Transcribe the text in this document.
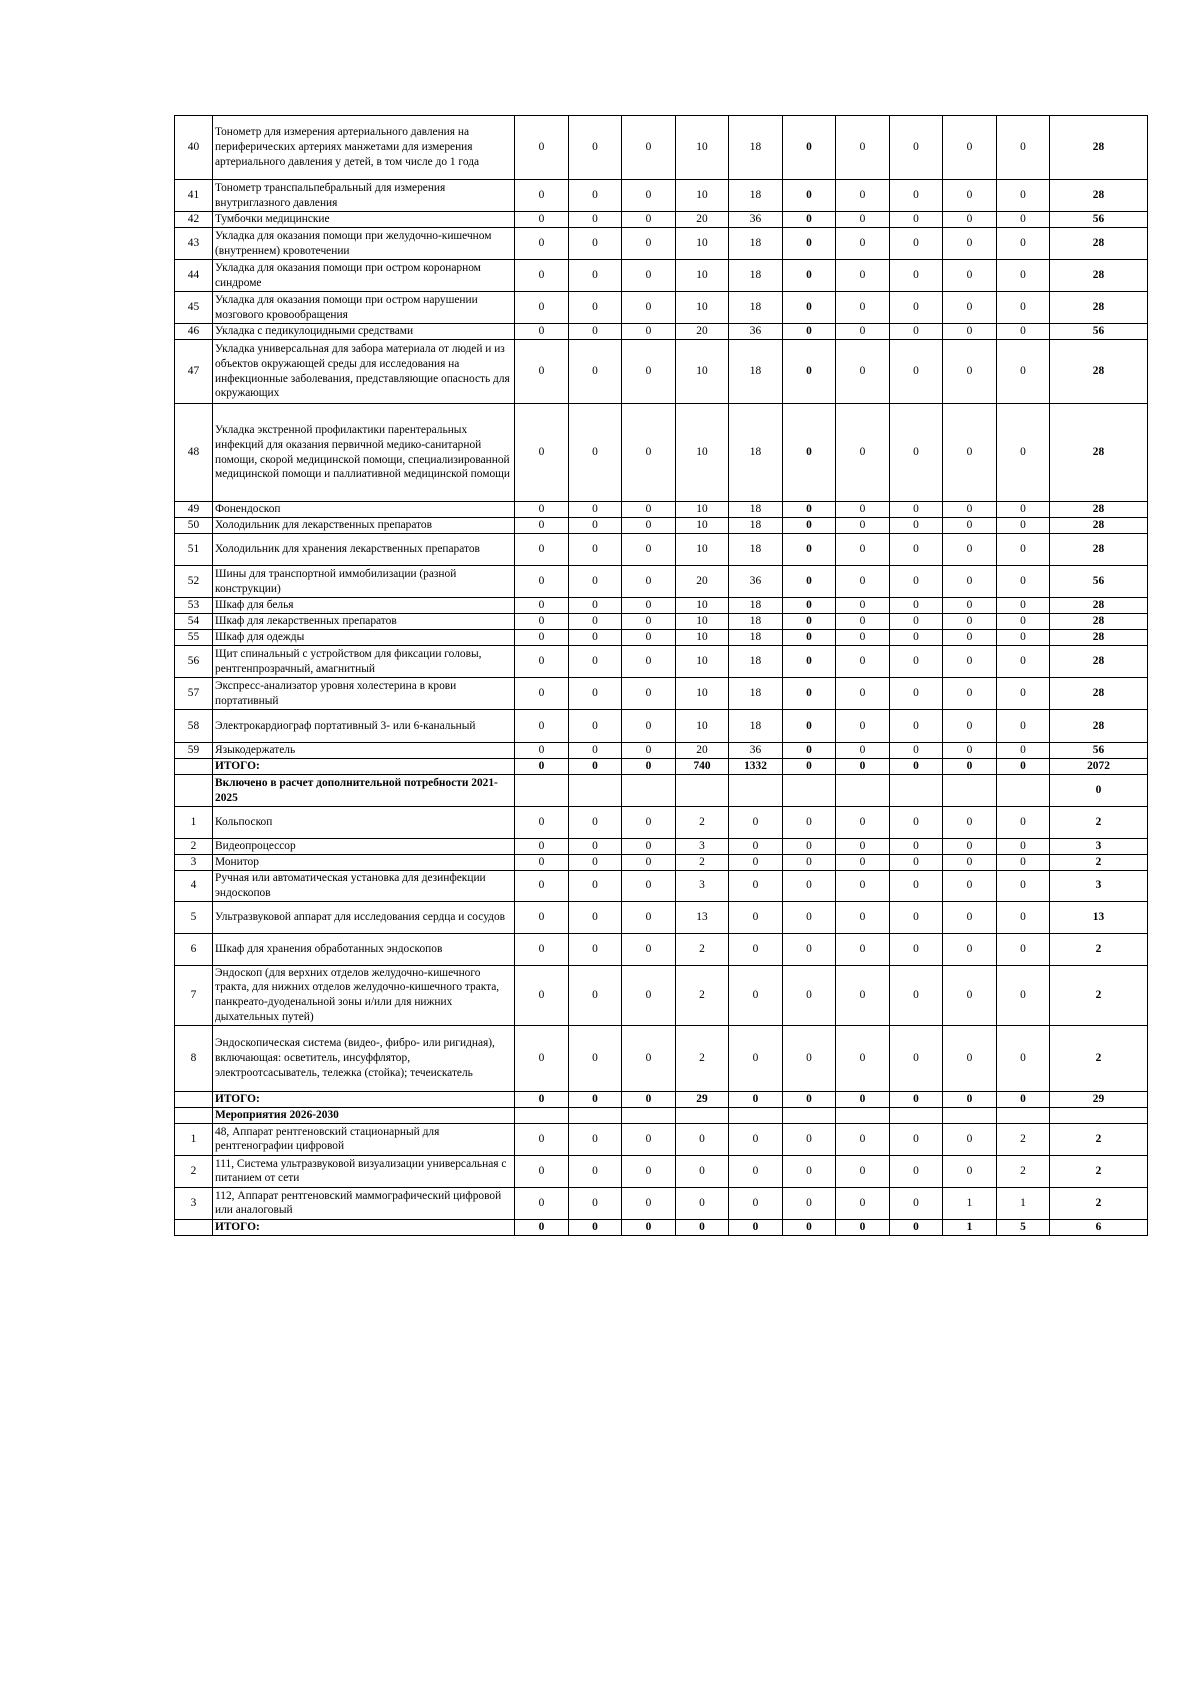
40	Тонометр для измерения артериального давления на периферических артериях манжетами для измерения артериального давления у детей, в том числе до 1 года	0	0	0	10	18	0	0	0	0	0	28
41	Тонометр транспальпебральный для измерения внутриглазного давления	0	0	0	10	18	0	0	0	0	0	28
42	Тумбочки медицинские	0	0	0	20	36	0	0	0	0	0	56
43	Укладка для оказания помощи при желудочно-кишечном (внутреннем) кровотечении	0	0	0	10	18	0	0	0	0	0	28
44	Укладка для оказания помощи при остром коронарном синдроме	0	0	0	10	18	0	0	0	0	0	28
45	Укладка для оказания помощи при остром нарушении мозгового кровообращения	0	0	0	10	18	0	0	0	0	0	28
46	Укладка с педикулоцидными средствами	0	0	0	20	36	0	0	0	0	0	56
47	Укладка универсальная для забора материала от людей и из объектов окружающей среды для исследования на инфекционные заболевания, представляющие опасность для окружающих	0	0	0	10	18	0	0	0	0	0	28
48	Укладка экстренной профилактики парентеральных инфекций для оказания первичной медико-санитарной помощи, скорой медицинской помощи, специализированной медицинской помощи и паллиативной медицинской помощи	0	0	0	10	18	0	0	0	0	0	28
49	Фонендоскоп	0	0	0	10	18	0	0	0	0	0	28
50	Холодильник для лекарственных препаратов	0	0	0	10	18	0	0	0	0	0	28
51	Холодильник для хранения лекарственных препаратов	0	0	0	10	18	0	0	0	0	0	28
52	Шины для транспортной иммобилизации (разной конструкции)	0	0	0	20	36	0	0	0	0	0	56
53	Шкаф для белья	0	0	0	10	18	0	0	0	0	0	28
54	Шкаф для лекарственных препаратов	0	0	0	10	18	0	0	0	0	0	28
55	Шкаф для одежды	0	0	0	10	18	0	0	0	0	0	28
56	Щит спинальный с устройством для фиксации головы, рентгенпрозрачный, амагнитный	0	0	0	10	18	0	0	0	0	0	28
57	Экспресс-анализатор уровня холестерина в крови портативный	0	0	0	10	18	0	0	0	0	0	28
58	Электрокардиограф портативный 3- или 6-канальный	0	0	0	10	18	0	0	0	0	0	28
59	Языкодержатель	0	0	0	20	36	0	0	0	0	0	56
	ИТОГО:	0	0	0	740	1332	0	0	0	0	0	2072
	Включено в расчет дополнительной потребности 2021-2025											0
1	Кольпоскоп	0	0	0	2	0	0	0	0	0	0	2
2	Видеопроцессор	0	0	0	3	0	0	0	0	0	0	3
3	Монитор	0	0	0	2	0	0	0	0	0	0	2
4	Ручная или автоматическая установка для дезинфекции эндоскопов	0	0	0	3	0	0	0	0	0	0	3
5	Ультразвуковой аппарат для исследования сердца и сосудов	0	0	0	13	0	0	0	0	0	0	13
6	Шкаф для хранения обработанных эндоскопов	0	0	0	2	0	0	0	0	0	0	2
7	Эндоскоп (для верхних отделов желудочно-кишечного тракта, для нижних отделов желудочно-кишечного тракта, панкреато-дуоденальной зоны и/или для нижних дыхательных путей)	0	0	0	2	0	0	0	0	0	0	2
8	Эндоскопическая система (видео-, фибро- или ригидная), включающая: осветитель, инсуффлятор, электроотсасыватель, тележка (стойка); течеискатель	0	0	0	2	0	0	0	0	0	0	2
	ИТОГО:	0	0	0	29	0	0	0	0	0	0	29
	Мероприятия 2026-2030											
1	48, Аппарат рентгеновский стационарный для рентгенографии цифровой	0	0	0	0	0	0	0	0	0	2	2
2	111, Система ультразвуковой визуализации универсальная с питанием от сети	0	0	0	0	0	0	0	0	0	2	2
3	112, Аппарат рентгеновский маммографический цифровой или аналоговый	0	0	0	0	0	0	0	0	1	1	2
	ИТОГО:	0	0	0	0	0	0	0	0	1	5	6
